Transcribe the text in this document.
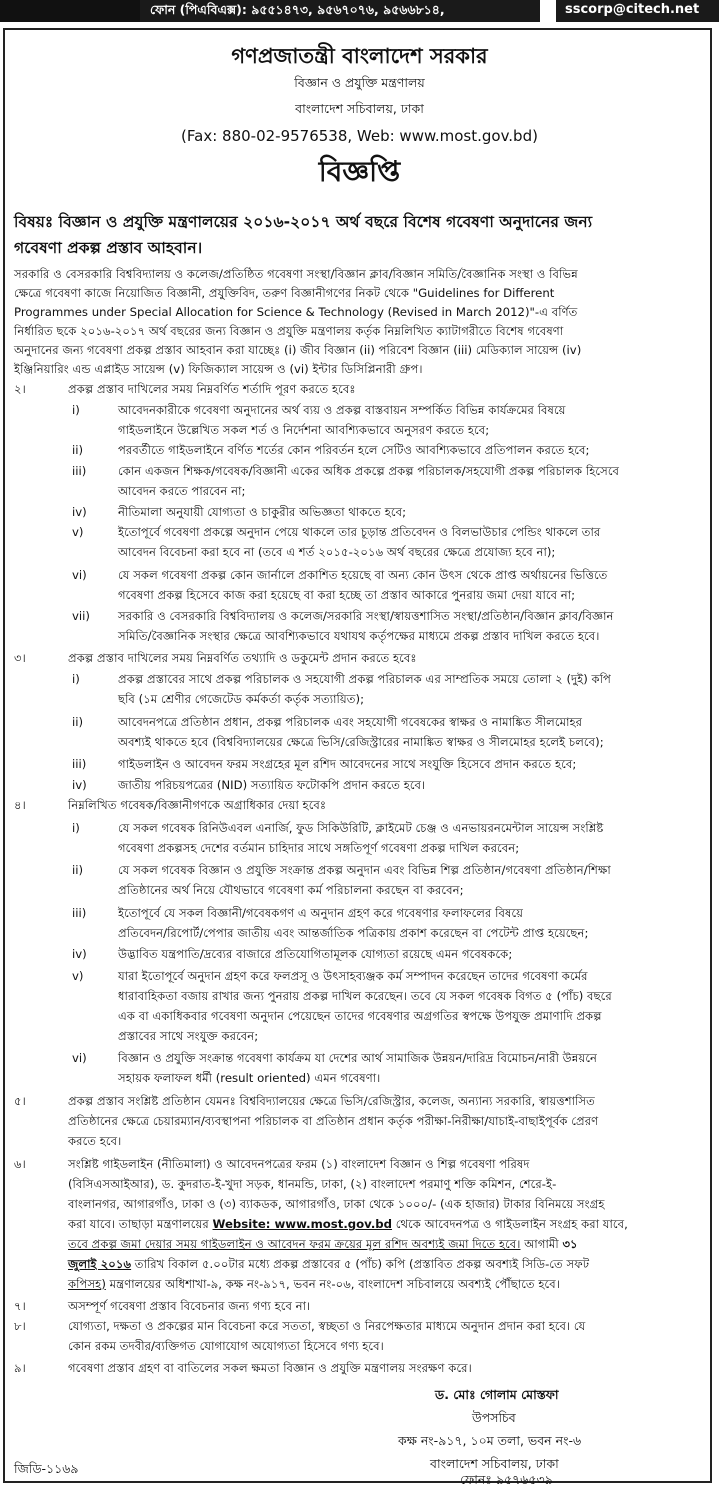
ফোন (পিএবিএক্স): ৯৫৫১৪৭৩, ৯৫৬৭০৭৬, ৯৫৬৬৮১৪,	sscorp@citech.net
গণপ্রজাতন্ত্রী বাংলাদেশ সরকার
বিজ্ঞান ও প্রযুক্তি মন্ত্রণালয়
বাংলাদেশ সচিবালয়, ঢাকা
(Fax: 880-02-9576538, Web: www.most.gov.bd)
বিজ্ঞপ্তি
বিষয়ঃ বিজ্ঞান ও প্রযুক্তি মন্ত্রণালয়ের ২০১৬-২০১৭ অর্থ বছরে বিশেষ গবেষণা অনুদানের জন্য
গবেষণা প্রকল্প প্রস্তাব আহবান।
সরকারি ও বেসরকারি বিশ্ববিদ্যালয় ও কলেজ/প্রতিষ্ঠিত গবেষণা সংস্থা/বিজ্ঞান ক্লাব/বিজ্ঞান সমিতি/বৈজ্ঞানিক সংস্থা ও বিভিন্ন
ক্ষেত্রে গবেষণা কাজে নিয়োজিত বিজ্ঞানী, প্রযুক্তিবিদ, তরুণ বিজ্ঞানীগণের নিকট থেকে "Guidelines for Different
Programmes under Special Allocation for Science & Technology (Revised in March 2012)"-এ বর্ণিত
নির্ধারিত ছকে ২০১৬-২০১৭ অর্থ বছরের জন্য বিজ্ঞান ও প্রযুক্তি মন্ত্রণালয় কর্তৃক নিম্নলিখিত ক্যাটাগরীতে বিশেষ গবেষণা
অনুদানের জন্য গবেষণা প্রকল্প প্রস্তাব আহবান করা যাচ্ছেঃ (i) জীব বিজ্ঞান (ii) পরিবেশ বিজ্ঞান (iii) মেডিক্যাল সায়েন্স (iv)
ইঞ্জিনিয়ারিং এন্ড এপ্লাইড সায়েন্স (v) ফিজিক্যাল সায়েন্স ও (vi) ইন্টার ডিসিপ্লিনারী গ্রুপ।
২।	প্রকল্প প্রস্তাব দাখিলের সময় নিম্নবর্ণিত শর্তাদি পূরণ করতে হবেঃ
i)	আবেদনকারীকে গবেষণা অনুদানের অর্থ ব্যয় ও প্রকল্প বাস্তবায়ন সম্পর্কিত বিভিন্ন কার্যক্রমের বিষয়ে
গাইডলাইনে উল্লেখিত সকল শর্ত ও নির্দেশনা আবশ্যিকভাবে অনুসরণ করতে হবে;
ii)	পরবর্তীতে গাইডলাইনে বর্ণিত শর্তের কোন পরিবর্তন হলে সেটিও আবশ্যিকভাবে প্রতিপালন করতে হবে;
iii)	কোন একজন শিক্ষক/গবেষক/বিজ্ঞানী একের অধিক প্রকল্পে প্রকল্প পরিচালক/সহযোগী প্রকল্প পরিচালক হিসেবে
আবেদন করতে পারবেন না;
iv)	নীতিমালা অনুযায়ী যোগ্যতা ও চাকুরীর অভিজ্ঞতা থাকতে হবে;
v)	ইতোপূর্বে গবেষণা প্রকল্পে অনুদান পেয়ে থাকলে তার চূড়ান্ত প্রতিবেদন ও বিলভাউচার পেন্ডিং থাকলে তার
আবেদন বিবেচনা করা হবে না (তবে এ শর্ত ২০১৫-২০১৬ অর্থ বছরের ক্ষেত্রে প্রযোজ্য হবে না);
vi)	যে সকল গবেষণা প্রকল্প কোন জার্নালে প্রকাশিত হয়েছে বা অন্য কোন উৎস থেকে প্রাপ্ত অর্থায়নের ভিত্তিতে
গবেষণা প্রকল্প হিসেবে কাজ করা হয়েছে বা করা হচ্ছে তা প্রস্তাব আকারে পুনরায় জমা দেয়া যাবে না;
vii) সরকারি ও বেসরকারি বিশ্ববিদ্যালয় ও কলেজ/সরকারি সংস্থা/স্বায়ত্তশাসিত সংস্থা/প্রতিষ্ঠান/বিজ্ঞান ক্লাব/বিজ্ঞান
সমিতি/বৈজ্ঞানিক সংস্থার ক্ষেত্রে আবশ্যিকভাবে যথাযথ কর্তৃপক্ষের মাধ্যমে প্রকল্প প্রস্তাব দাখিল করতে হবে।
৩।	প্রকল্প প্রস্তাব দাখিলের সময় নিম্নবর্ণিত তথ্যাদি ও ডকুমেন্ট প্রদান করতে হবেঃ
i)	প্রকল্প প্রস্তাবের সাথে প্রকল্প পরিচালক ও সহযোগী প্রকল্প পরিচালক এর সাম্প্রতিক সময়ে তোলা ২ (দুই) কপি
ছবি (১ম শ্রেণীর গেজেটেড কর্মকর্তা কর্তৃক সত্যায়িত);
ii)	আবেদনপত্রে প্রতিষ্ঠান প্রধান, প্রকল্প পরিচালক এবং সহযোগী গবেষকের স্বাক্ষর ও নামাঙ্কিত সীলমোহর
অবশ্যই থাকতে হবে (বিশ্ববিদ্যালয়ের ক্ষেত্রে ভিসি/রেজিস্ট্রারের নামাঙ্কিত স্বাক্ষর ও সীলমোহর হলেই চলবে);
iii)	গাইডলাইন ও আবেদন ফরম সংগ্রহের মূল রশিদ আবেদনের সাথে সংযুক্তি হিসেবে প্রদান করতে হবে;
iv)	জাতীয় পরিচয়পত্রের (NID) সত্যায়িত ফটোকপি প্রদান করতে হবে।
৪।	নিম্নলিখিত গবেষক/বিজ্ঞানীগণকে অগ্রাধিকার দেয়া হবেঃ
i)	যে সকল গবেষক রিনিউএবল এনার্জি, ফুড সিকিউরিটি, ক্লাইমেট চেঞ্জ ও এনভায়রনমেন্টাল সায়েন্স সংশ্লিষ্ট
গবেষণা প্রকল্পসহ দেশের বর্তমান চাহিদার সাথে সঙ্গতিপূর্ণ গবেষণা প্রকল্প দাখিল করবেন;
ii)	যে সকল গবেষক বিজ্ঞান ও প্রযুক্তি সংক্রান্ত প্রকল্প অনুদান এবং বিভিন্ন শিল্প প্রতিষ্ঠান/গবেষণা প্রতিষ্ঠান/শিক্ষা
প্রতিষ্ঠানের অর্থ নিয়ে যৌথভাবে গবেষণা কর্ম পরিচালনা করছেন বা করবেন;
iii)	ইতোপূর্বে যে সকল বিজ্ঞানী/গবেষকগণ এ অনুদান গ্রহণ করে গবেষণার ফলাফলের বিষয়ে
প্রতিবেদন/রিপোর্ট/পেপার জাতীয় এবং আন্তর্জাতিক পত্রিকায় প্রকাশ করেছেন বা পেটেন্ট প্রাপ্ত হয়েছেন;
iv)	উদ্ভাবিত যন্ত্রপাতি/দ্রব্যের বাজারে প্রতিযোগিতামূলক যোগ্যতা রয়েছে এমন গবেষককে;
v)	যারা ইতোপূর্বে অনুদান গ্রহণ করে ফলপ্রসূ ও উৎসাহব্যঞ্জক কর্ম সম্পাদন করেছেন তাদের গবেষণা কর্মের
ধারাবাহিকতা বজায় রাখার জন্য পুনরায় প্রকল্প দাখিল করেছেন। তবে যে সকল গবেষক বিগত ৫ (পাঁচ) বছরে
এক বা একাধিকবার গবেষণা অনুদান পেয়েছেন তাদের গবেষণার অগ্রগতির স্বপক্ষে উপযুক্ত প্রমাণাদি প্রকল্প
প্রস্তাবের সাথে সংযুক্ত করবেন;
vi)	বিজ্ঞান ও প্রযুক্তি সংক্রান্ত গবেষণা কার্যক্রম যা দেশের আর্থ সামাজিক উন্নয়ন/দারিদ্র বিমোচন/নারী উন্নয়নে
সহায়ক ফলাফল ধর্মী (result oriented) এমন গবেষণা।
৫।	প্রকল্প প্রস্তাব সংশ্লিষ্ট প্রতিষ্ঠান যেমনঃ বিশ্ববিদ্যালয়ের ক্ষেত্রে ভিসি/রেজিস্ট্রার, কলেজ, অন্যান্য সরকারি, স্বায়ত্তশাসিত
প্রতিষ্ঠানের ক্ষেত্রে চেয়ারম্যান/ব্যবস্থাপনা পরিচালক বা প্রতিষ্ঠান প্রধান কর্তৃক পরীক্ষা-নিরীক্ষা/যাচাই-বাছাইপূর্বক প্রেরণ
করতে হবে।
৬।	সংশ্লিষ্ট গাইডলাইন (নীতিমালা) ও আবেদনপত্রের ফরম (১) বাংলাদেশ বিজ্ঞান ও শিল্প গবেষণা পরিষদ
(বিসিএসআইআর), ড. কুদরাত-ই-খুদা সড়ক, ধানমন্ডি, ঢাকা, (২) বাংলাদেশ পরমাণু শক্তি কমিশন, শেরে-ই-
বাংলানগর, আগারগাঁও, ঢাকা ও (৩) ব্যাকডক, আগারগাঁও, ঢাকা থেকে ১০০০/- (এক হাজার) টাকার বিনিময়ে সংগ্রহ
করা যাবে। তাছাড়া মন্ত্রণালয়ের Website: www.most.gov.bd থেকে আবেদনপত্র ও গাইডলাইন সংগ্রহ করা যাবে,
তবে প্রকল্প জমা দেয়ার সময় গাইডলাইন ও আবেদন ফরম ক্রয়ের মূল রশিদ অবশ্যই জমা দিতে হবে। আগামী ৩১
জুলাই ২০১৬ তারিখ বিকাল ৫.০০টার মধ্যে প্রকল্প প্রস্তাবের ৫ (পাঁচ) কপি (প্রস্তাবিত প্রকল্প অবশ্যই সিডি-তে সফট
কপিসহ) মন্ত্রণালয়ের অধিশাখা-৯, কক্ষ নং-৯১৭, ভবন নং-০৬, বাংলাদেশ সচিবালয়ে অবশ্যই পৌঁছাতে হবে।
৭।	অসম্পূর্ণ গবেষণা প্রস্তাব বিবেচনার জন্য গণ্য হবে না।
৮।	যোগ্যতা, দক্ষতা ও প্রকল্পের মান বিবেচনা করে সততা, স্বচ্ছতা ও নিরপেক্ষতার মাধ্যমে অনুদান প্রদান করা হবে। যে
কোন রকম তদবীর/ব্যক্তিগত যোগাযোগ অযোগ্যতা হিসেবে গণ্য হবে।
৯।	গবেষণা প্রস্তাব গ্রহণ বা বাতিলের সকল ক্ষমতা বিজ্ঞান ও প্রযুক্তি মন্ত্রণালয় সংরক্ষণ করে।
ড. মোঃ গোলাম মোস্তফা
উপসচিব
কক্ষ নং-৯১৭, ১০ম তলা, ভবন নং-৬
বাংলাদেশ সচিবালয়, ঢাকা
ফোনঃ ৯৫৭৬৫৩৯
জিডি-১১৬৯
